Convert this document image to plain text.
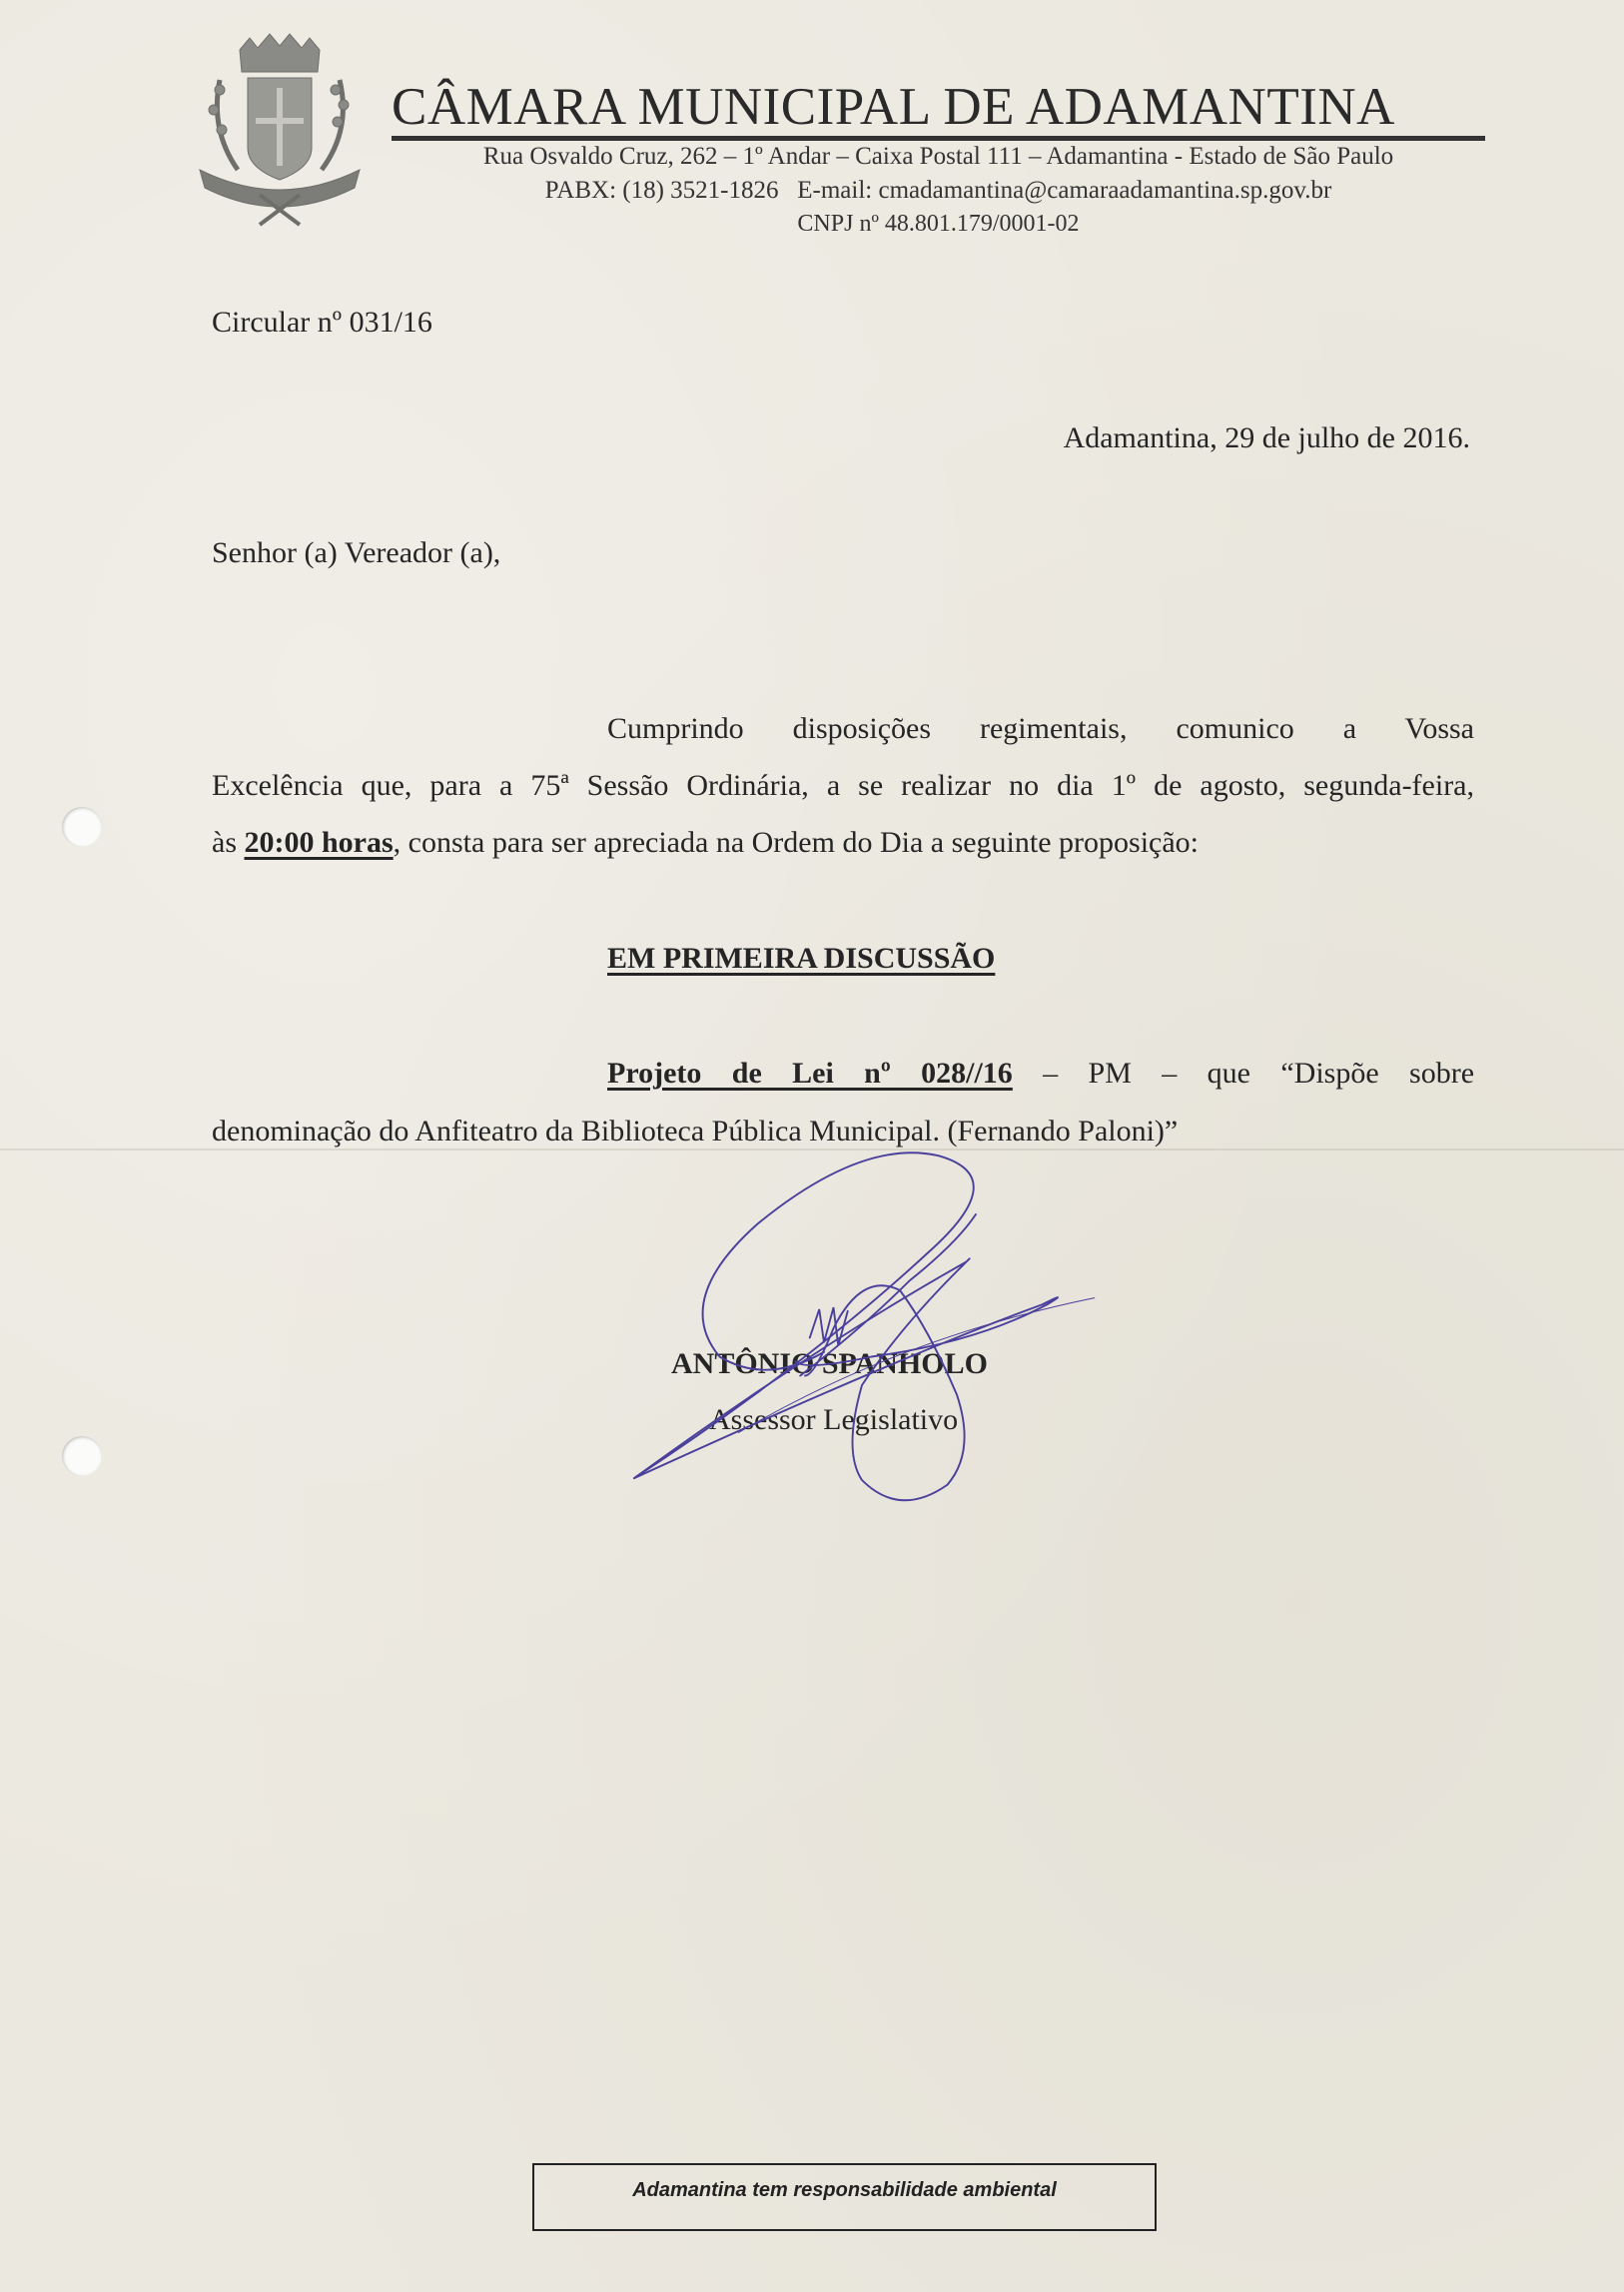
CÂMARA MUNICIPAL DE ADAMANTINA
Rua Osvaldo Cruz, 262 – 1º Andar – Caixa Postal 111 – Adamantina - Estado de São Paulo
PABX: (18) 3521-1826 E-mail: cmadamantina@camaraadamantina.sp.gov.br
CNPJ nº 48.801.179/0001-02
Circular nº 031/16
Adamantina, 29 de julho de 2016.
Senhor (a) Vereador (a),
Cumprindo disposições regimentais, comunico a Vossa
Excelência que, para a 75ª Sessão Ordinária, a se realizar no dia 1º de agosto, segunda-feira,
às 20:00 horas, consta para ser apreciada na Ordem do Dia a seguinte proposição:
EM PRIMEIRA DISCUSSÃO
Projeto de Lei nº 028//16 – PM – que “Dispõe sobre
denominação do Anfiteatro da Biblioteca Pública Municipal. (Fernando Paloni)”
ANTÔNIO SPANHOLO
Assessor Legislativo
Adamantina tem responsabilidade ambiental
